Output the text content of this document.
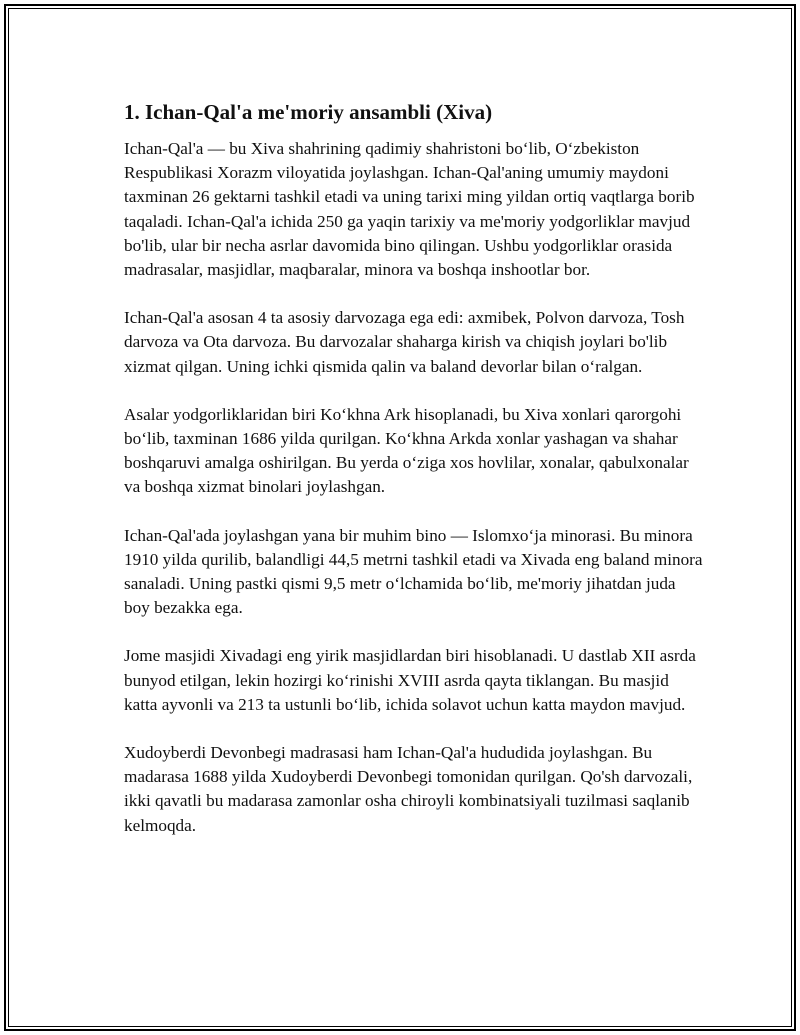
1. Ichan-Qal'a me'moriy ansambli (Xiva)

Ichan-Qal'a — bu Xiva shahrining qadimiy shahristoni bo‘lib, O‘zbekiston Respublikasi Xorazm viloyatida joylashgan. Ichan-Qal'aning umumiy maydoni taxminan 26 gektarni tashkil etadi va uning tarixi ming yildan ortiq vaqtlarga borib taqaladi. Ichan-Qal'a ichida 250 ga yaqin tarixiy va me'moriy yodgorliklar mavjud bo'lib, ular bir necha asrlar davomida bino qilingan. Ushbu yodgorliklar orasida madrasalar, masjidlar, maqbaralar, minora va boshqa inshootlar bor.

Ichan-Qal'a asosan 4 ta asosiy darvozaga ega edi: axmibek, Polvon darvoza, Tosh darvoza va Ota darvoza. Bu darvozalar shaharga kirish va chiqish joylari bo'lib xizmat qilgan. Uning ichki qismida qalin va baland devorlar bilan o‘ralgan.

Asalar yodgorliklaridan biri Ko‘khna Ark hisoplanadi, bu Xiva xonlari qarorgohi bo‘lib, taxminan 1686 yilda qurilgan. Ko‘khna Arkda xonlar yashagan va shahar boshqaruvi amalga oshirilgan. Bu yerda o‘ziga xos hovlilar, xonalar, qabulxonalar va boshqa xizmat binolari joylashgan.

Ichan-Qal'ada joylashgan yana bir muhim bino — Islomxo‘ja minorasi. Bu minora 1910 yilda qurilib, balandligi 44,5 metrni tashkil etadi va Xivada eng baland minora sanaladi. Uning pastki qismi 9,5 metr o‘lchamida bo‘lib, me'moriy jihatdan juda boy bezakka ega.

Jome masjidi Xivadagi eng yirik masjidlardan biri hisoblanadi. U dastlab XII asrda bunyod etilgan, lekin hozirgi ko‘rinishi XVIII asrda qayta tiklangan. Bu masjid katta ayvonli va 213 ta ustunli bo‘lib, ichida solavot uchun katta maydon mavjud.

Xudoyberdi Devonbegi madrasasi ham Ichan-Qal'a hududida joylashgan. Bu madarasa 1688 yilda Xudoyberdi Devonbegi tomonidan qurilgan. Qo'sh darvozali, ikki qavatli bu madarasa zamonlar osha chiroyli kombinatsiyali tuzilmasi saqlanib kelmoqda.
